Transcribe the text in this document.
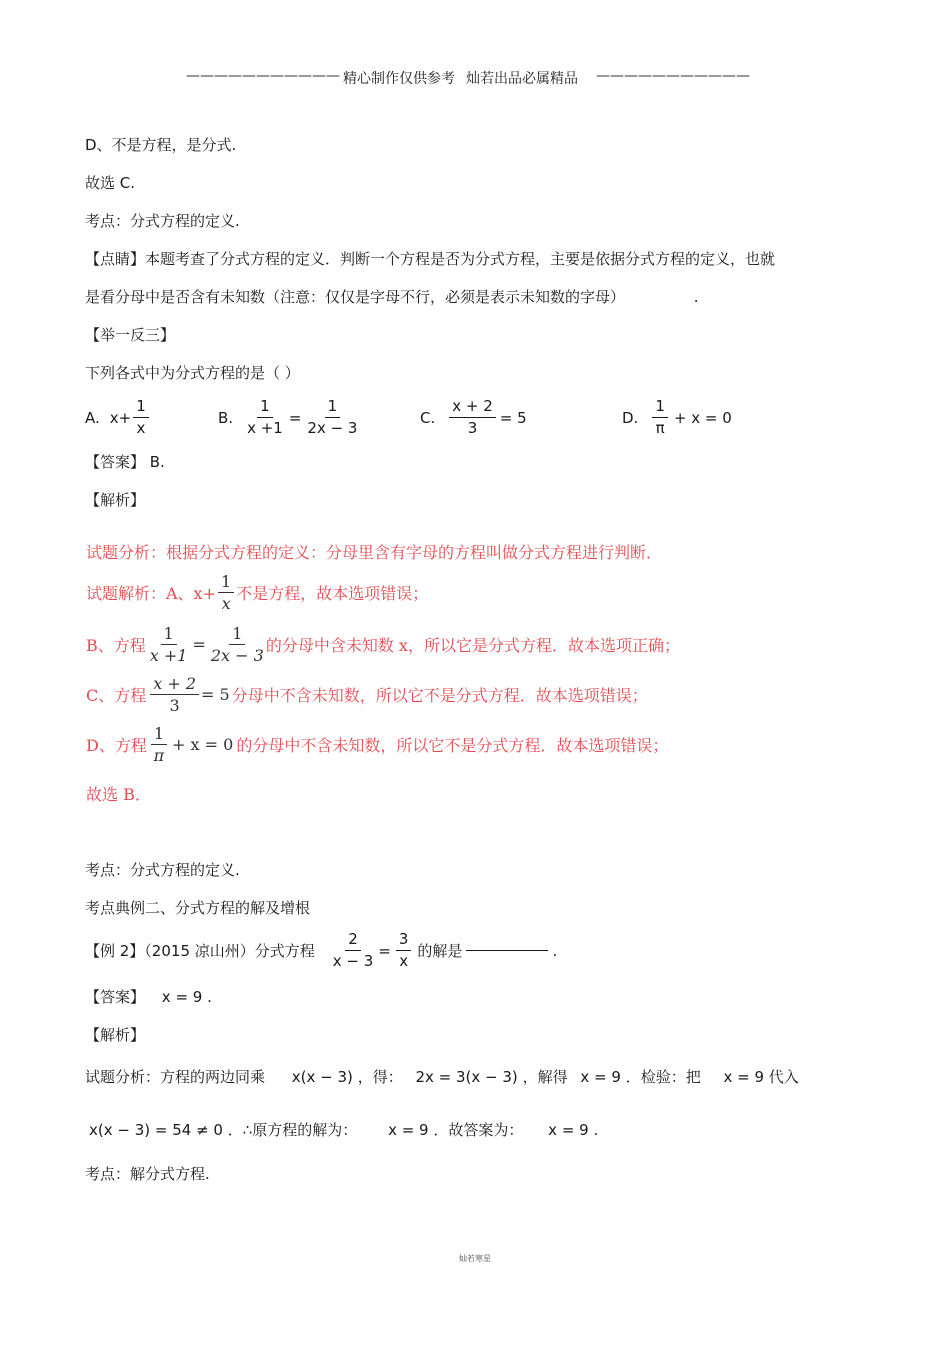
——————————— 精心制作仅供参考 灿若出品必属精品 ———————————
D、不是方程，是分式.
故选 C.
考点：分式方程的定义.
【点睛】本题考查了分式方程的定义．判断一个方程是否为分式方程，主要是依据分式方程的定义，也就
是看分母中是否含有未知数（注意：仅仅是字母不行，必须是表示未知数的字母）	.
【举一反三】
下列各式中为分式方程的是（ ）
A. $x+ \frac{1}{x}$	B. $\frac{1}{x +1} = \frac{1}{2x - 3}$	C. $\frac{x + 2}{3} = 5$	D. $\frac{1}{\pi} + x = 0$
【答案】 B.
【解析】
试题分析：根据分式方程的定义：分母里含有字母的方程叫做分式方程进行判断．
试题解析：A、$x+ \frac{1}{x}$ 不是方程，故本选项错误；
B、方程 $\frac{1}{x +1} = \frac{1}{2x - 3}$ 的分母中含未知数 x，所以它是分式方程．故本选项正确；
C、方程 $\frac{x + 2}{3} = 5$ 分母中不含未知数，所以它不是分式方程．故本选项错误；
D、方程 $\frac{1}{\pi} + x = 0$ 的分母中不含未知数，所以它不是分式方程．故本选项错误；
故选 B．
考点：分式方程的定义.
考点典例二、分式方程的解及增根
【例 2】（2015 凉山州）分式方程 $\frac{2}{x - 3} = \frac{3}{x}$ 的解是	.
【答案】 x = 9 .
【解析】
试题分析：方程的两边同乘 x(x − 3) ，得： 2x = 3(x − 3) ，解得 x = 9 ．检验：把 x = 9 代入
x(x − 3) = 54 ≠ 0 ．∴原方程的解为： x = 9 ．故答案为： x = 9 .
考点：解分式方程.
灿若寒星
